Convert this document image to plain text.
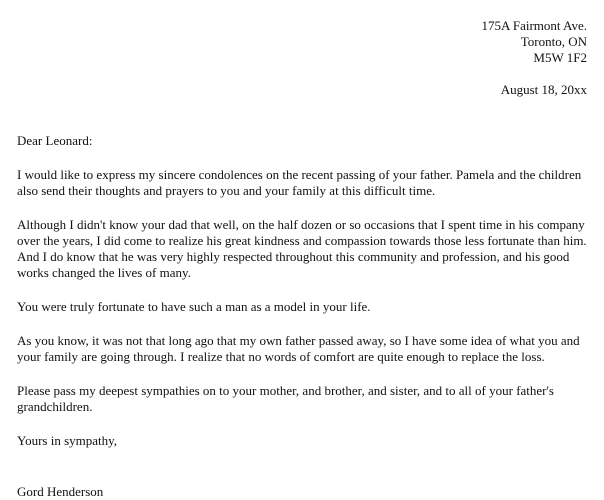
175A Fairmont Ave.
Toronto, ON
M5W 1F2
August 18, 20xx

Dear Leonard:

I would like to express my sincere condolences on the recent passing of your father. Pamela and the children also send their thoughts and prayers to you and your family at this difficult time.

Although I didn't know your dad that well, on the half dozen or so occasions that I spent time in his company over the years, I did come to realize his great kindness and compassion towards those less fortunate than him. And I do know that he was very highly respected throughout this community and profession, and his good works changed the lives of many.

You were truly fortunate to have such a man as a model in your life.

As you know, it was not that long ago that my own father passed away, so I have some idea of what you and your family are going through. I realize that no words of comfort are quite enough to replace the loss.

Please pass my deepest sympathies on to your mother, and brother, and sister, and to all of your father's grandchildren.

Yours in sympathy,

Gord Henderson
